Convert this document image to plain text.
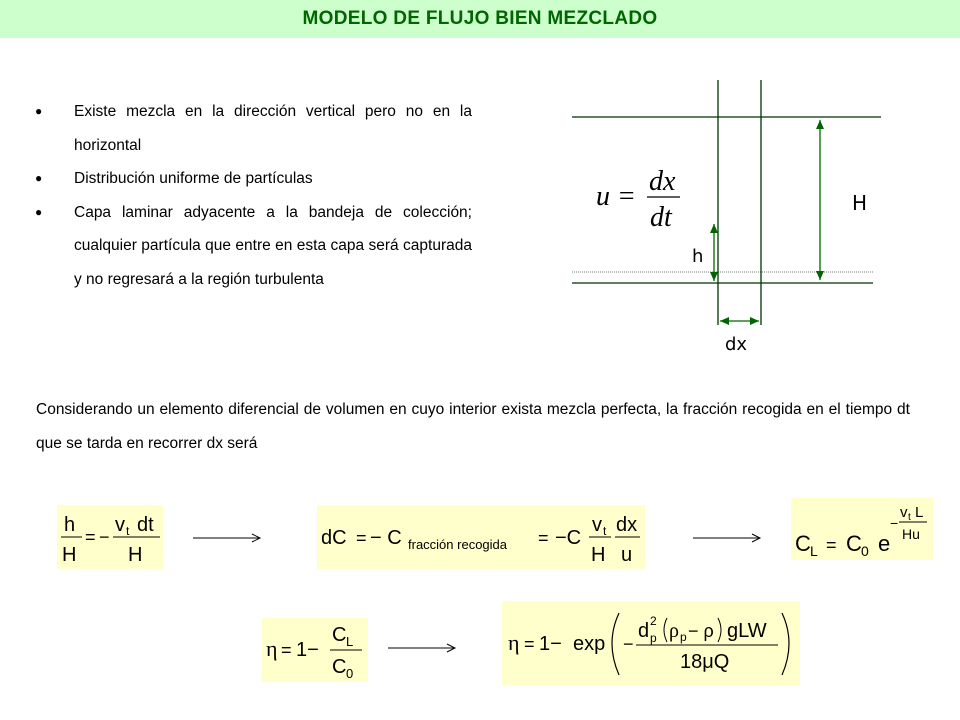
MODELO DE FLUJO BIEN MEZCLADO
● Existe mezcla en la dirección vertical pero no en la horizontal
● Distribución uniforme de partículas
● Capa laminar adyacente a la bandeja de colección; cualquier partícula que entre en esta capa será capturada y no regresará a la región turbulenta

Considerando un elemento diferencial de volumen en cuyo interior exista mezcla perfecta, la fracción recogida en el tiempo dt que se tarda en recorrer dx será

H
h
dx
u = dx
dt
h
H
= −
v t dt
H
dC = − C fracción recogida = −C
v t
H
dx
u	C L = C 0 e
−
v t L
Hu
η = 1−
C L
C 0
η = 1− exp −
d 2
p ρ p − ρ gLW
18μQ
